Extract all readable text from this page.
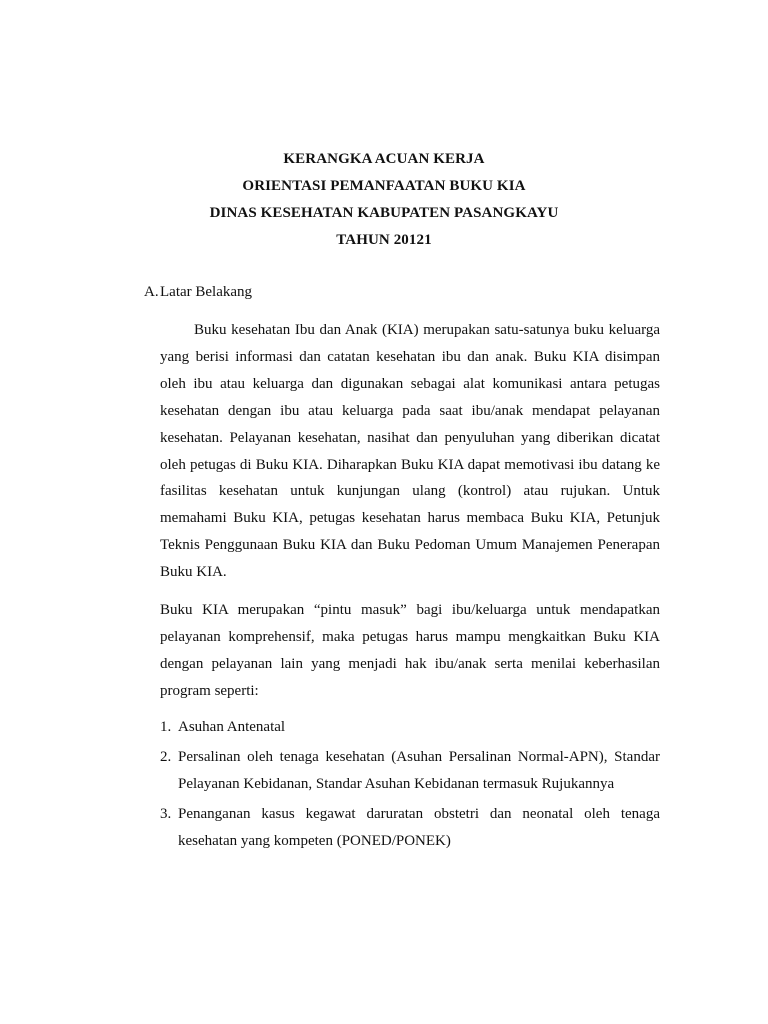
KERANGKA ACUAN KERJA
ORIENTASI PEMANFAATAN BUKU KIA
DINAS KESEHATAN KABUPATEN PASANGKAYU
TAHUN 20121
A. Latar Belakang
Buku kesehatan Ibu dan Anak (KIA) merupakan satu-satunya buku keluarga yang berisi informasi dan catatan kesehatan ibu dan anak. Buku KIA disimpan oleh ibu atau keluarga dan digunakan sebagai alat komunikasi antara petugas kesehatan dengan ibu atau keluarga pada saat ibu/anak mendapat pelayanan kesehatan. Pelayanan kesehatan, nasihat dan penyuluhan yang diberikan dicatat oleh petugas di Buku KIA. Diharapkan Buku KIA dapat memotivasi ibu datang ke fasilitas kesehatan untuk kunjungan ulang (kontrol) atau rujukan. Untuk memahami Buku KIA, petugas kesehatan harus membaca Buku KIA, Petunjuk Teknis Penggunaan Buku KIA dan Buku Pedoman Umum Manajemen Penerapan Buku KIA.
Buku KIA merupakan “pintu masuk” bagi ibu/keluarga untuk mendapatkan pelayanan komprehensif, maka petugas harus mampu mengkaitkan Buku KIA dengan pelayanan lain yang menjadi hak ibu/anak serta menilai keberhasilan program seperti:
1. Asuhan Antenatal
2. Persalinan oleh tenaga kesehatan (Asuhan Persalinan Normal-APN), Standar Pelayanan Kebidanan, Standar Asuhan Kebidanan termasuk Rujukannya
3. Penanganan kasus kegawat daruratan obstetri dan neonatal oleh tenaga kesehatan yang kompeten (PONED/PONEK)
